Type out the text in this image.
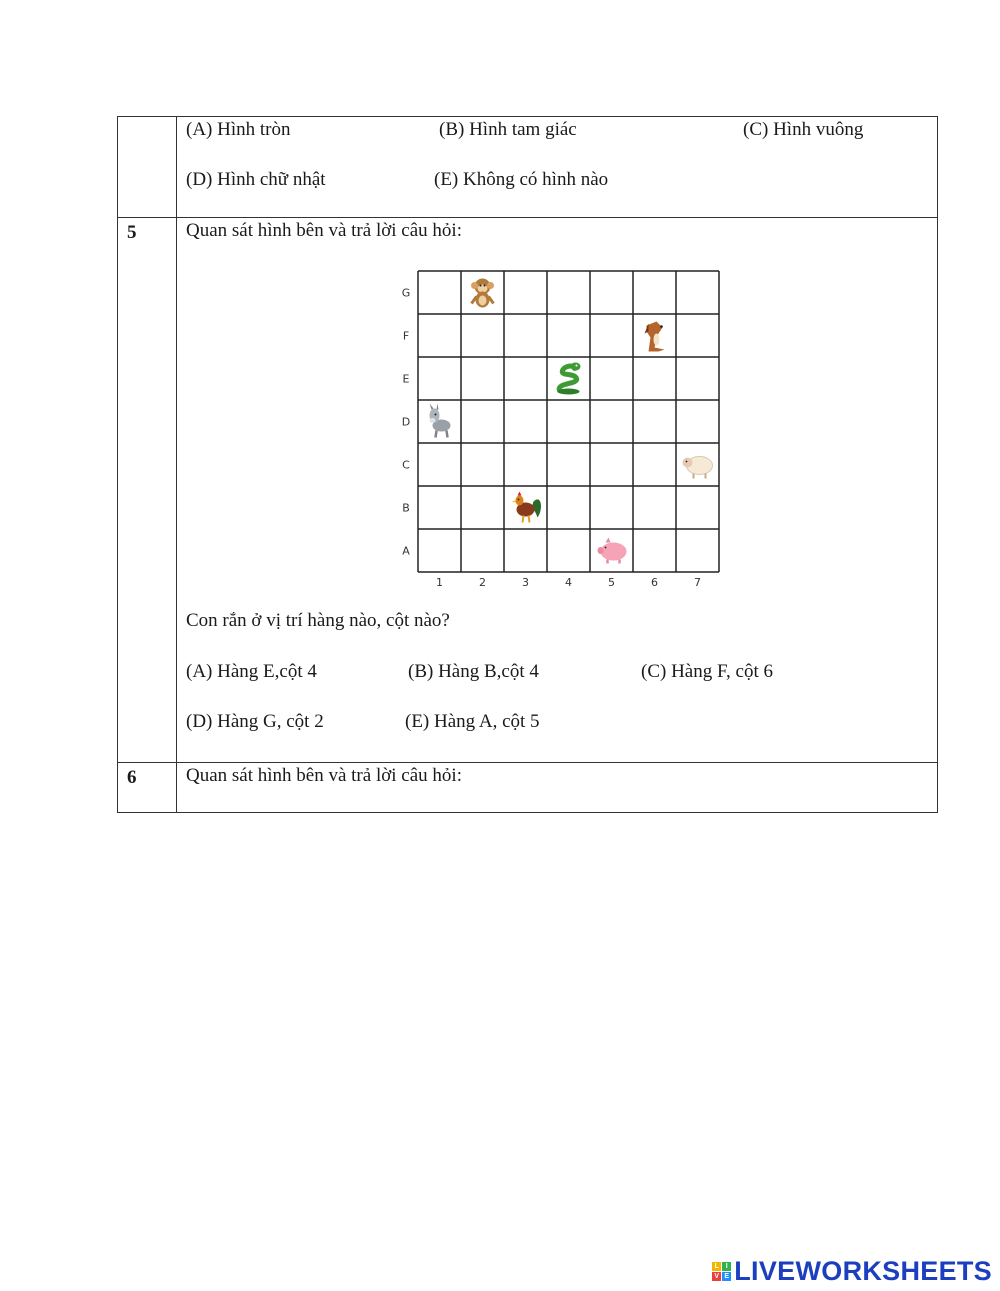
(A) Hình tròn	(B) Hình tam giác	(C) Hình vuông
(D) Hình chữ nhật	(E) Không có hình nào
5	Quan sát hình bên và trả lời câu hỏi:
G
F
E
D
C
B
A
1	2	3	4	5	6	7
Con rắn ở vị trí hàng nào, cột nào?
(A) Hàng E,cột 4	(B) Hàng B,cột 4	(C) Hàng F, cột 6
(D) Hàng G, cột 2	(E) Hàng A, cột 5
6	Quan sát hình bên và trả lời câu hỏi:
L I
V E LIVEWORKSHEETS
